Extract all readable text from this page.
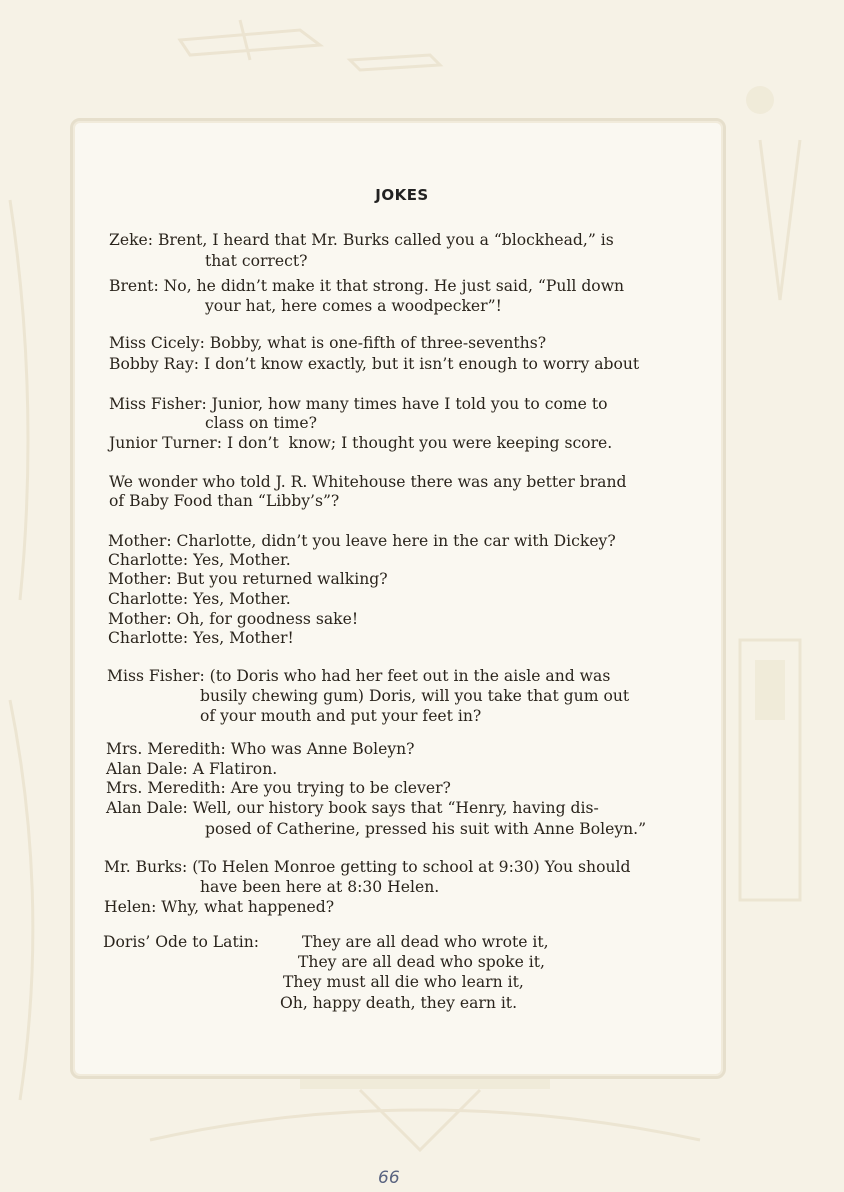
JOKES
Zeke: Brent, I heard that Mr. Burks called you a “blockhead,” is
that correct?
Brent: No, he didn’t make it that strong. He just said, “Pull down
your hat, here comes a woodpecker”!
Miss Cicely: Bobby, what is one-fifth of three-sevenths?
Bobby Ray: I don’t know exactly, but it isn’t enough to worry about
Miss Fisher: Junior, how many times have I told you to come to
class on time?
Junior Turner: I don’t  know; I thought you were keeping score.
We wonder who told J. R. Whitehouse there was any better brand
of Baby Food than “Libby’s”?
Mother: Charlotte, didn’t you leave here in the car with Dickey?
Charlotte: Yes, Mother.
Mother: But you returned walking?
Charlotte: Yes, Mother.
Mother: Oh, for goodness sake!
Charlotte: Yes, Mother!
Miss Fisher: (to Doris who had her feet out in the aisle and was
busily chewing gum) Doris, will you take that gum out
of your mouth and put your feet in?
Mrs. Meredith: Who was Anne Boleyn?
Alan Dale: A Flatiron.
Mrs. Meredith: Are you trying to be clever?
Alan Dale: Well, our history book says that “Henry, having dis-
posed of Catherine, pressed his suit with Anne Boleyn.”
Mr. Burks: (To Helen Monroe getting to school at 9:30) You should
have been here at 8:30 Helen.
Helen: Why, what happened?
Doris’ Ode to Latin:	They are all dead who wrote it,
They are all dead who spoke it,
They must all die who learn it,
Oh, happy death, they earn it.
66
